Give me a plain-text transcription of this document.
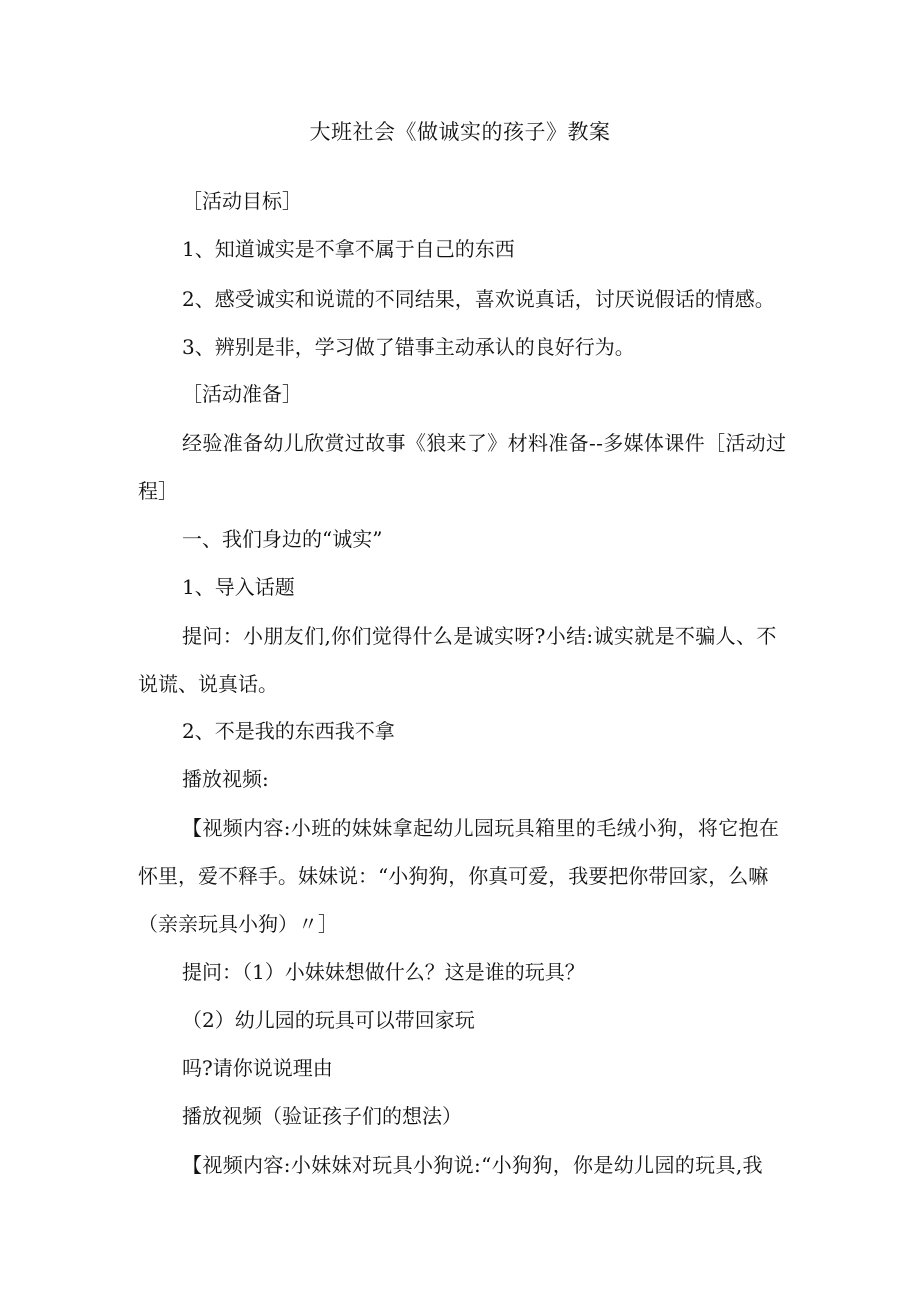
大班社会《做诚实的孩子》教案
［活动目标］
1、知道诚实是不拿不属于自己的东西
2、感受诚实和说谎的不同结果，喜欢说真话，讨厌说假话的情感。
3、辨别是非，学习做了错事主动承认的良好行为。
［活动准备］
经验准备幼儿欣赏过故事《狼来了》材料准备--多媒体课件［活动过
程］
一、我们身边的“诚实”
1、导入话题
提问：小朋友们,你们觉得什么是诚实呀?小结:诚实就是不骗人、不
说谎、说真话。
2、不是我的东西我不拿
播放视频:
【视频内容:小班的妹妹拿起幼儿园玩具箱里的毛绒小狗，将它抱在
怀里，爱不释手。妹妹说：“小狗狗，你真可爱，我要把你带回家，么嘛
（亲亲玩具小狗）〃］
提问：（1）小妹妹想做什么？这是谁的玩具？
（2）幼儿园的玩具可以带回家玩
吗?请你说说理由
播放视频（验证孩子们的想法）
【视频内容:小妹妹对玩具小狗说:“小狗狗，你是幼儿园的玩具,我
